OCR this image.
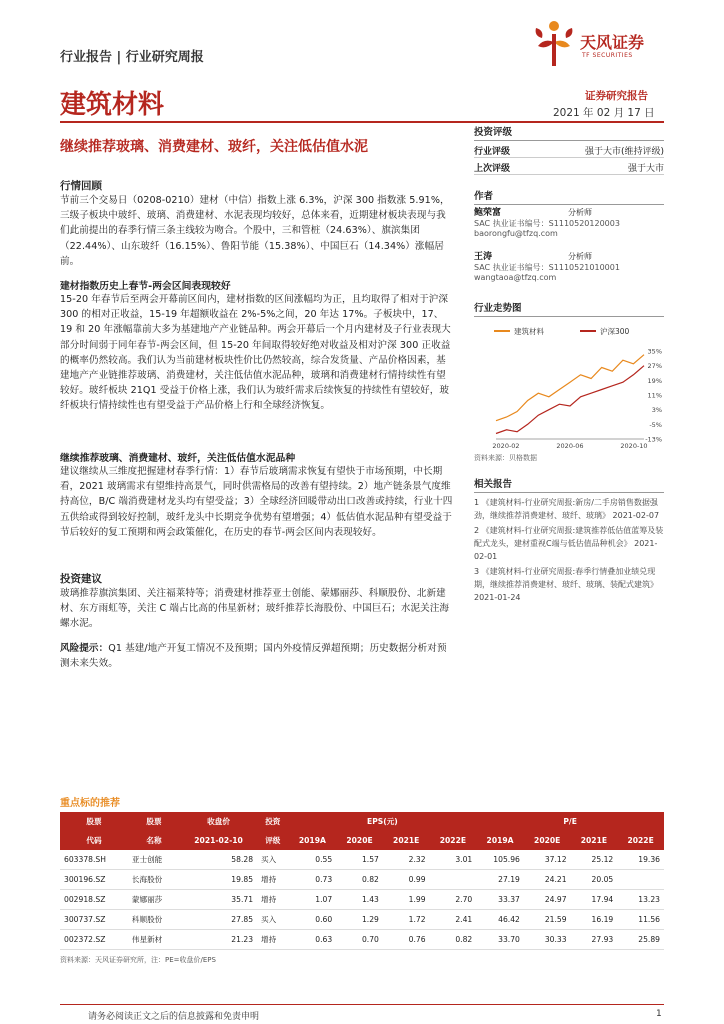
行业报告 | 行业研究周报
建筑材料
天风证券
TF SECURITIES
证券研究报告
2021 年 02 月 17 日
继续推荐玻璃、消费建材、玻纤，关注低估值水泥
行情回顾

节前三个交易日（0208-0210）建材（中信）指数上涨 6.3%，沪深 300 指数涨 5.91%，三级子板块中玻纤、玻璃、消费建材、水泥表现均较好，总体来看，近期建材板块表现与我们此前提出的春季行情三条主线较为吻合。个股中，三和管桩（24.63%）、旗滨集团（22.44%）、山东玻纤（16.15%）、鲁阳节能（15.38%）、中国巨石（14.34%）涨幅居前。

建材指数历史上春节-两会区间表现较好

15-20 年春节后至两会开幕前区间内，建材指数的区间涨幅均为正，且均取得了相对于沪深 300 的相对正收益，15-19 年超额收益在 2%-5%之间，20 年达 17%。子板块中，17、19 和 20 年涨幅靠前大多为基建地产产业链品种。两会开幕后一个月内建材及子行业表现大部分时间弱于同年春节-两会区间，但 15-20 年间取得较好绝对收益及相对沪深 300 正收益的概率仍然较高。我们认为当前建材板块性价比仍然较高，综合发货量、产品价格因素，基建地产产业链推荐玻璃、消费建材，关注低估值水泥品种，玻璃和消费建材行情持续性有望较好。玻纤板块 21Q1 受益于价格上涨，我们认为玻纤需求后续恢复的持续性有望较好，玻纤板块行情持续性也有望受益于产品价格上行和全球经济恢复。

继续推荐玻璃、消费建材、玻纤，关注低估值水泥品种

建议继续从三维度把握建材春季行情：1）春节后玻璃需求恢复有望快于市场预期，中长期看，2021 玻璃需求有望维持高景气，同时供需格局的改善有望持续。2）地产链条景气度维持高位，B/C 端消费建材龙头均有望受益；3）全球经济回暖带动出口改善或持续，行业十四五供给或得到较好控制，玻纤龙头中长期竞争优势有望增强；4）低估值水泥品种有望受益于节后较好的复工预期和两会政策催化，在历史的春节-两会区间内表现较好。

投资建议

玻璃推荐旗滨集团、关注福莱特等；消费建材推荐亚士创能、蒙娜丽莎、科顺股份、北新建材、东方雨虹等，关注 C 端占比高的伟星新材；玻纤推荐长海股份、中国巨石；水泥关注海螺水泥。

风险提示：Q1 基建/地产开复工情况不及预期；国内外疫情反弹超预期；历史数据分析对预测未来失效。

投资评级
行业评级	强于大市(维持评级)
上次评级	强于大市
作者
鲍荣富	分析师
SAC 执业证书编号：S1110520120003
baorongfu@tfzq.com
王涛	分析师
SAC 执业证书编号：S1110521010001
wangtaoa@tfzq.com
行业走势图
建筑材料	沪深300
35%
27%
19%
11%
3%
-5%
-13%
2020-02	2020-06	2020-10
资料来源：贝格数据
相关报告
1 《建筑材料-行业研究周报:新房/二手房销售数据强劲，继续推荐消费建材、玻纤、玻璃》 2021-02-07
2 《建筑材料-行业研究周报:建筑推荐低估值蓝筹及装配式龙头，建材重视C端与低估值品种机会》 2021-02-01
3 《建筑材料-行业研究周报:春季行情叠加业绩兑现期，继续推荐消费建材、玻纤、玻璃、装配式建筑》 2021-01-24
重点标的推荐
股票	股票	收盘价	投资	EPS(元)				P/E			
代码	名称	2021-02-10	评级	2019A	2020E	2021E	2022E	2019A	2020E	2021E	2022E
603378.SH	亚士创能	58.28	买入	0.55	1.57	2.32	3.01	105.96	37.12	25.12	19.36
300196.SZ	长海股份	19.85	增持	0.73	0.82	0.99		27.19	24.21	20.05	
002918.SZ	蒙娜丽莎	35.71	增持	1.07	1.43	1.99	2.70	33.37	24.97	17.94	13.23
300737.SZ	科顺股份	27.85	买入	0.60	1.29	1.72	2.41	46.42	21.59	16.19	11.56
002372.SZ	伟星新材	21.23	增持	0.63	0.70	0.76	0.82	33.70	30.33	27.93	25.89
资料来源：天风证券研究所，注：PE=收盘价/EPS
请务必阅读正文之后的信息披露和免责申明	1
